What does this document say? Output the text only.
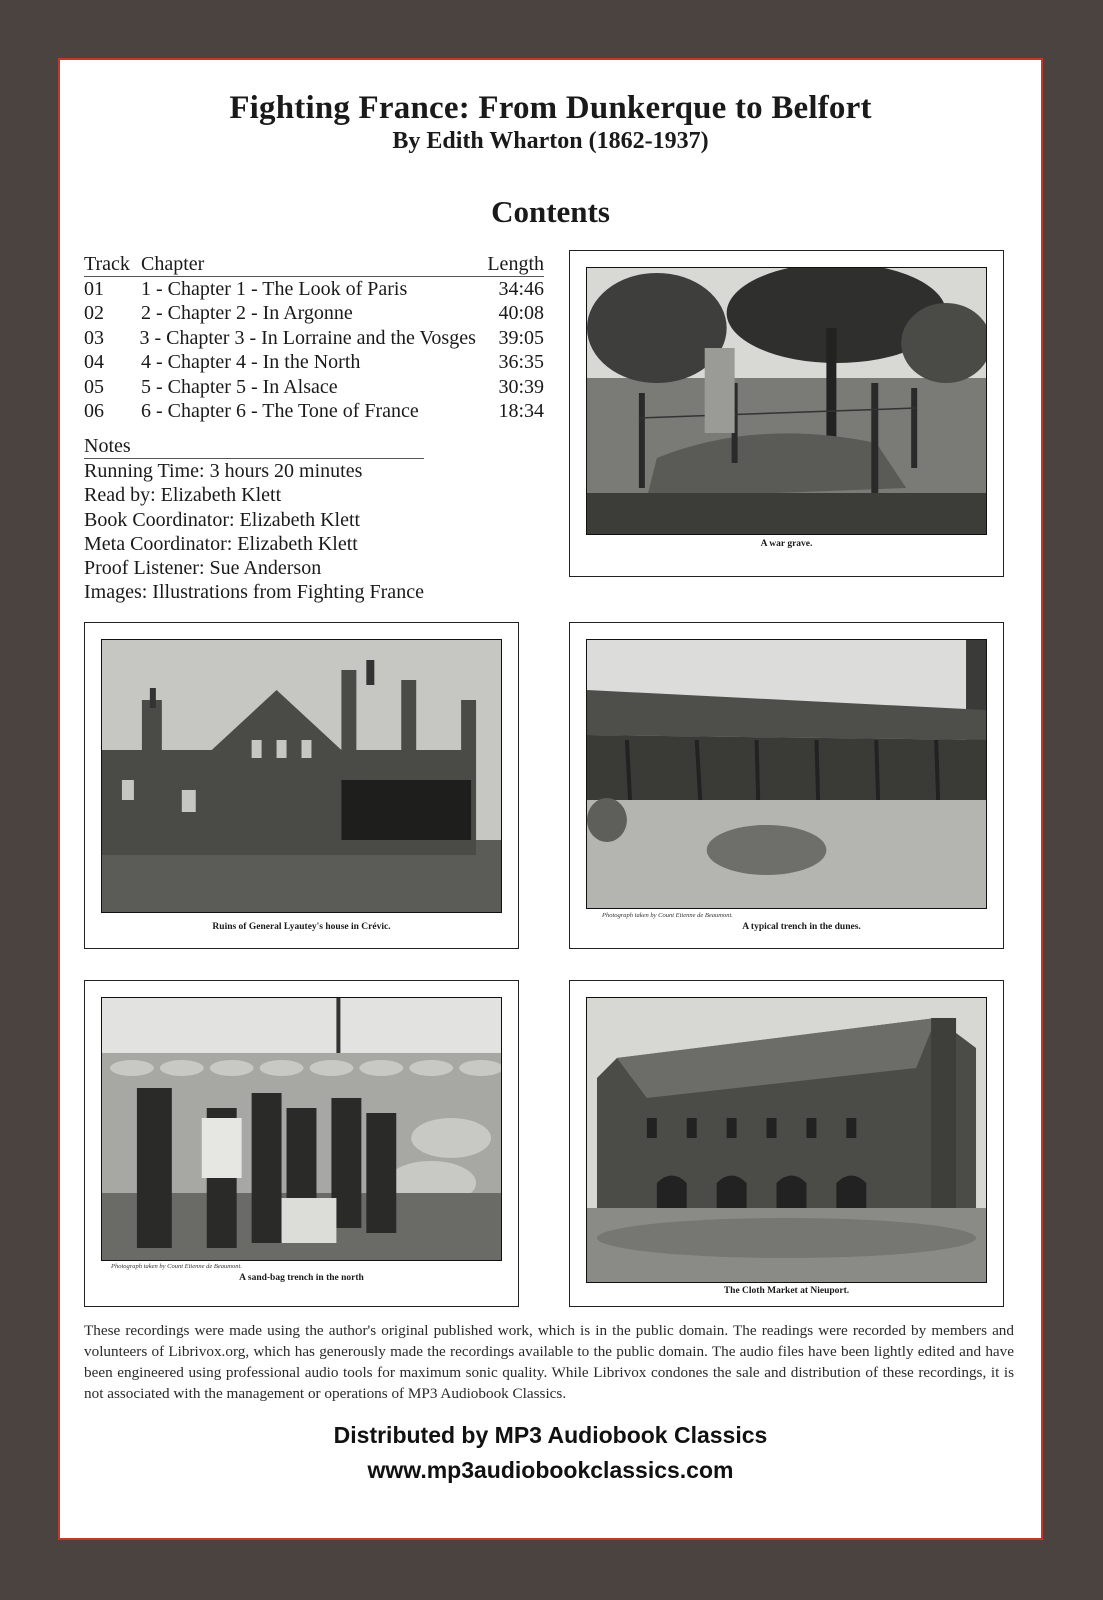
Fighting France: From Dunkerque to Belfort
By Edith Wharton (1862-1937)
Contents
Track Chapter	Length
01	1 - Chapter 1 - The Look of Paris	34:46
02	2 - Chapter 2 - In Argonne	40:08
03	3 - Chapter 3 - In Lorraine and the Vosges	39:05
04	4 - Chapter 4 - In the North	36:35
05	5 - Chapter 5 - In Alsace	30:39
06	6 - Chapter 6 - The Tone of France	18:34
Notes
Running Time: 3 hours 20 minutes
Read by: Elizabeth Klett
Book Coordinator: Elizabeth Klett
Meta Coordinator: Elizabeth Klett
Proof Listener: Sue Anderson
Images: Illustrations from Fighting France
A war grave.
Ruins of General Lyautey's house in Crévic.
Photograph taken by Count Etienne de Beaumont.
A typical trench in the dunes.
Photograph taken by Count Etienne de Beaumont.
A sand-bag trench in the north
The Cloth Market at Nieuport.
These recordings were made using the author's original published work, which is in the public domain. The readings were recorded by members and volunteers of Librivox.org, which has generously made the recordings available to the public domain. The audio files have been lightly edited and have been engineered using professional audio tools for maximum sonic quality. While Librivox condones the sale and distribution of these recordings, it is not associated with the management or operations of MP3 Audiobook Classics.
Distributed by MP3 Audiobook Classics
www.mp3audiobookclassics.com
